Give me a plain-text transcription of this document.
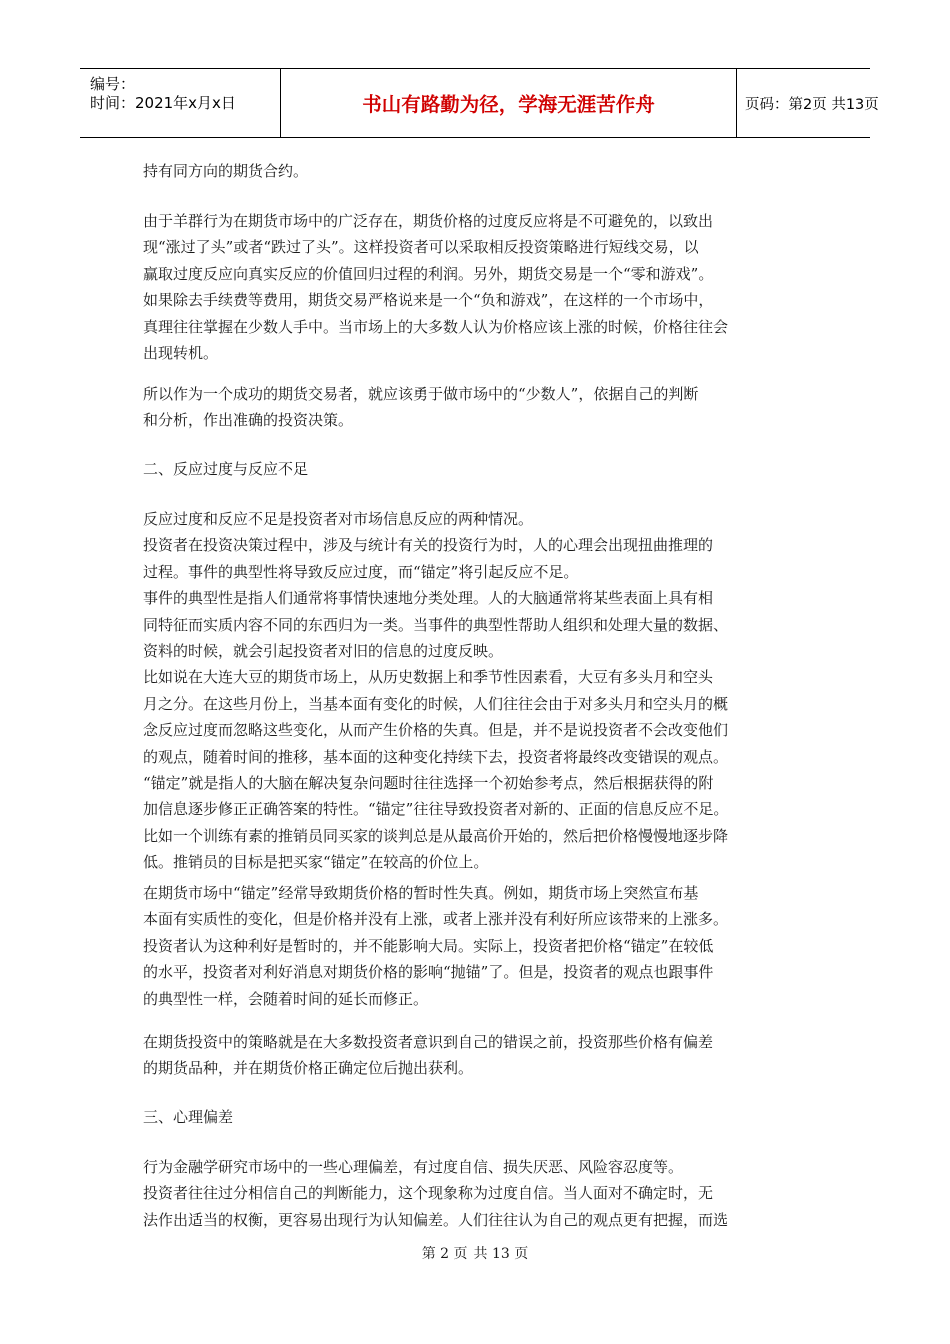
编号：
时间：2021年x月x日	书山有路勤为径，学海无涯苦作舟	页码：第2页 共13页
持有同方向的期货合约。
由于羊群行为在期货市场中的广泛存在，期货价格的过度反应将是不可避免的，以致出
现“涨过了头”或者“跌过了头”。这样投资者可以采取相反投资策略进行短线交易，以
赢取过度反应向真实反应的价值回归过程的利润。另外，期货交易是一个“零和游戏”。
如果除去手续费等费用，期货交易严格说来是一个“负和游戏”，在这样的一个市场中，
真理往往掌握在少数人手中。当市场上的大多数人认为价格应该上涨的时候，价格往往会
出现转机。
所以作为一个成功的期货交易者，就应该勇于做市场中的“少数人”，依据自己的判断
和分析，作出准确的投资决策。
二、反应过度与反应不足
反应过度和反应不足是投资者对市场信息反应的两种情况。
投资者在投资决策过程中，涉及与统计有关的投资行为时，人的心理会出现扭曲推理的
过程。事件的典型性将导致反应过度，而“锚定”将引起反应不足。
事件的典型性是指人们通常将事情快速地分类处理。人的大脑通常将某些表面上具有相
同特征而实质内容不同的东西归为一类。当事件的典型性帮助人组织和处理大量的数据、
资料的时候，就会引起投资者对旧的信息的过度反映。
比如说在大连大豆的期货市场上，从历史数据上和季节性因素看，大豆有多头月和空头
月之分。在这些月份上，当基本面有变化的时候，人们往往会由于对多头月和空头月的概
念反应过度而忽略这些变化，从而产生价格的失真。但是，并不是说投资者不会改变他们
的观点，随着时间的推移，基本面的这种变化持续下去，投资者将最终改变错误的观点。
“锚定”就是指人的大脑在解决复杂问题时往往选择一个初始参考点，然后根据获得的附
加信息逐步修正正确答案的特性。“锚定”往往导致投资者对新的、正面的信息反应不足。
比如一个训练有素的推销员同买家的谈判总是从最高价开始的，然后把价格慢慢地逐步降
低。推销员的目标是把买家“锚定”在较高的价位上。
在期货市场中“锚定”经常导致期货价格的暂时性失真。例如，期货市场上突然宣布基
本面有实质性的变化，但是价格并没有上涨，或者上涨并没有利好所应该带来的上涨多。
投资者认为这种利好是暂时的，并不能影响大局。实际上，投资者把价格“锚定”在较低
的水平，投资者对利好消息对期货价格的影响“抛锚”了。但是，投资者的观点也跟事件
的典型性一样，会随着时间的延长而修正。
在期货投资中的策略就是在大多数投资者意识到自己的错误之前，投资那些价格有偏差
的期货品种，并在期货价格正确定位后抛出获利。
三、心理偏差
行为金融学研究市场中的一些心理偏差，有过度自信、损失厌恶、风险容忍度等。
投资者往往过分相信自己的判断能力，这个现象称为过度自信。当人面对不确定时，无
法作出适当的权衡，更容易出现行为认知偏差。人们往往认为自己的观点更有把握，而选
第 2 页 共 13 页
